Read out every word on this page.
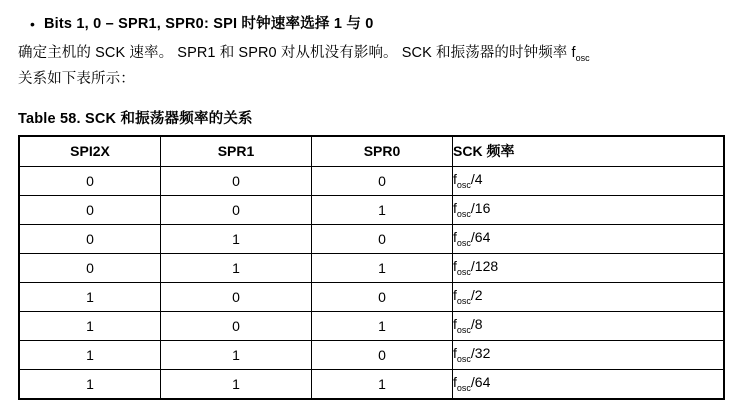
• Bits 1, 0 – SPR1, SPR0: SPI 时钟速率选择 1 与 0
确定主机的 SCK 速率。 SPR1 和 SPR0 对从机没有影响。 SCK 和振荡器的时钟频率 $f_{osc}$
关系如下表所示：
Table 58. SCK 和振荡器频率的关系
SPI2X	SPR1	SPR0	SCK 频率
0	0	0	$f_{osc}/4$
0	0	1	$f_{osc}/16$
0	1	0	$f_{osc}/64$
0	1	1	$f_{osc}/128$
1	0	0	$f_{osc}/2$
1	0	1	$f_{osc}/8$
1	1	0	$f_{osc}/32$
1	1	1	$f_{osc}/64$
